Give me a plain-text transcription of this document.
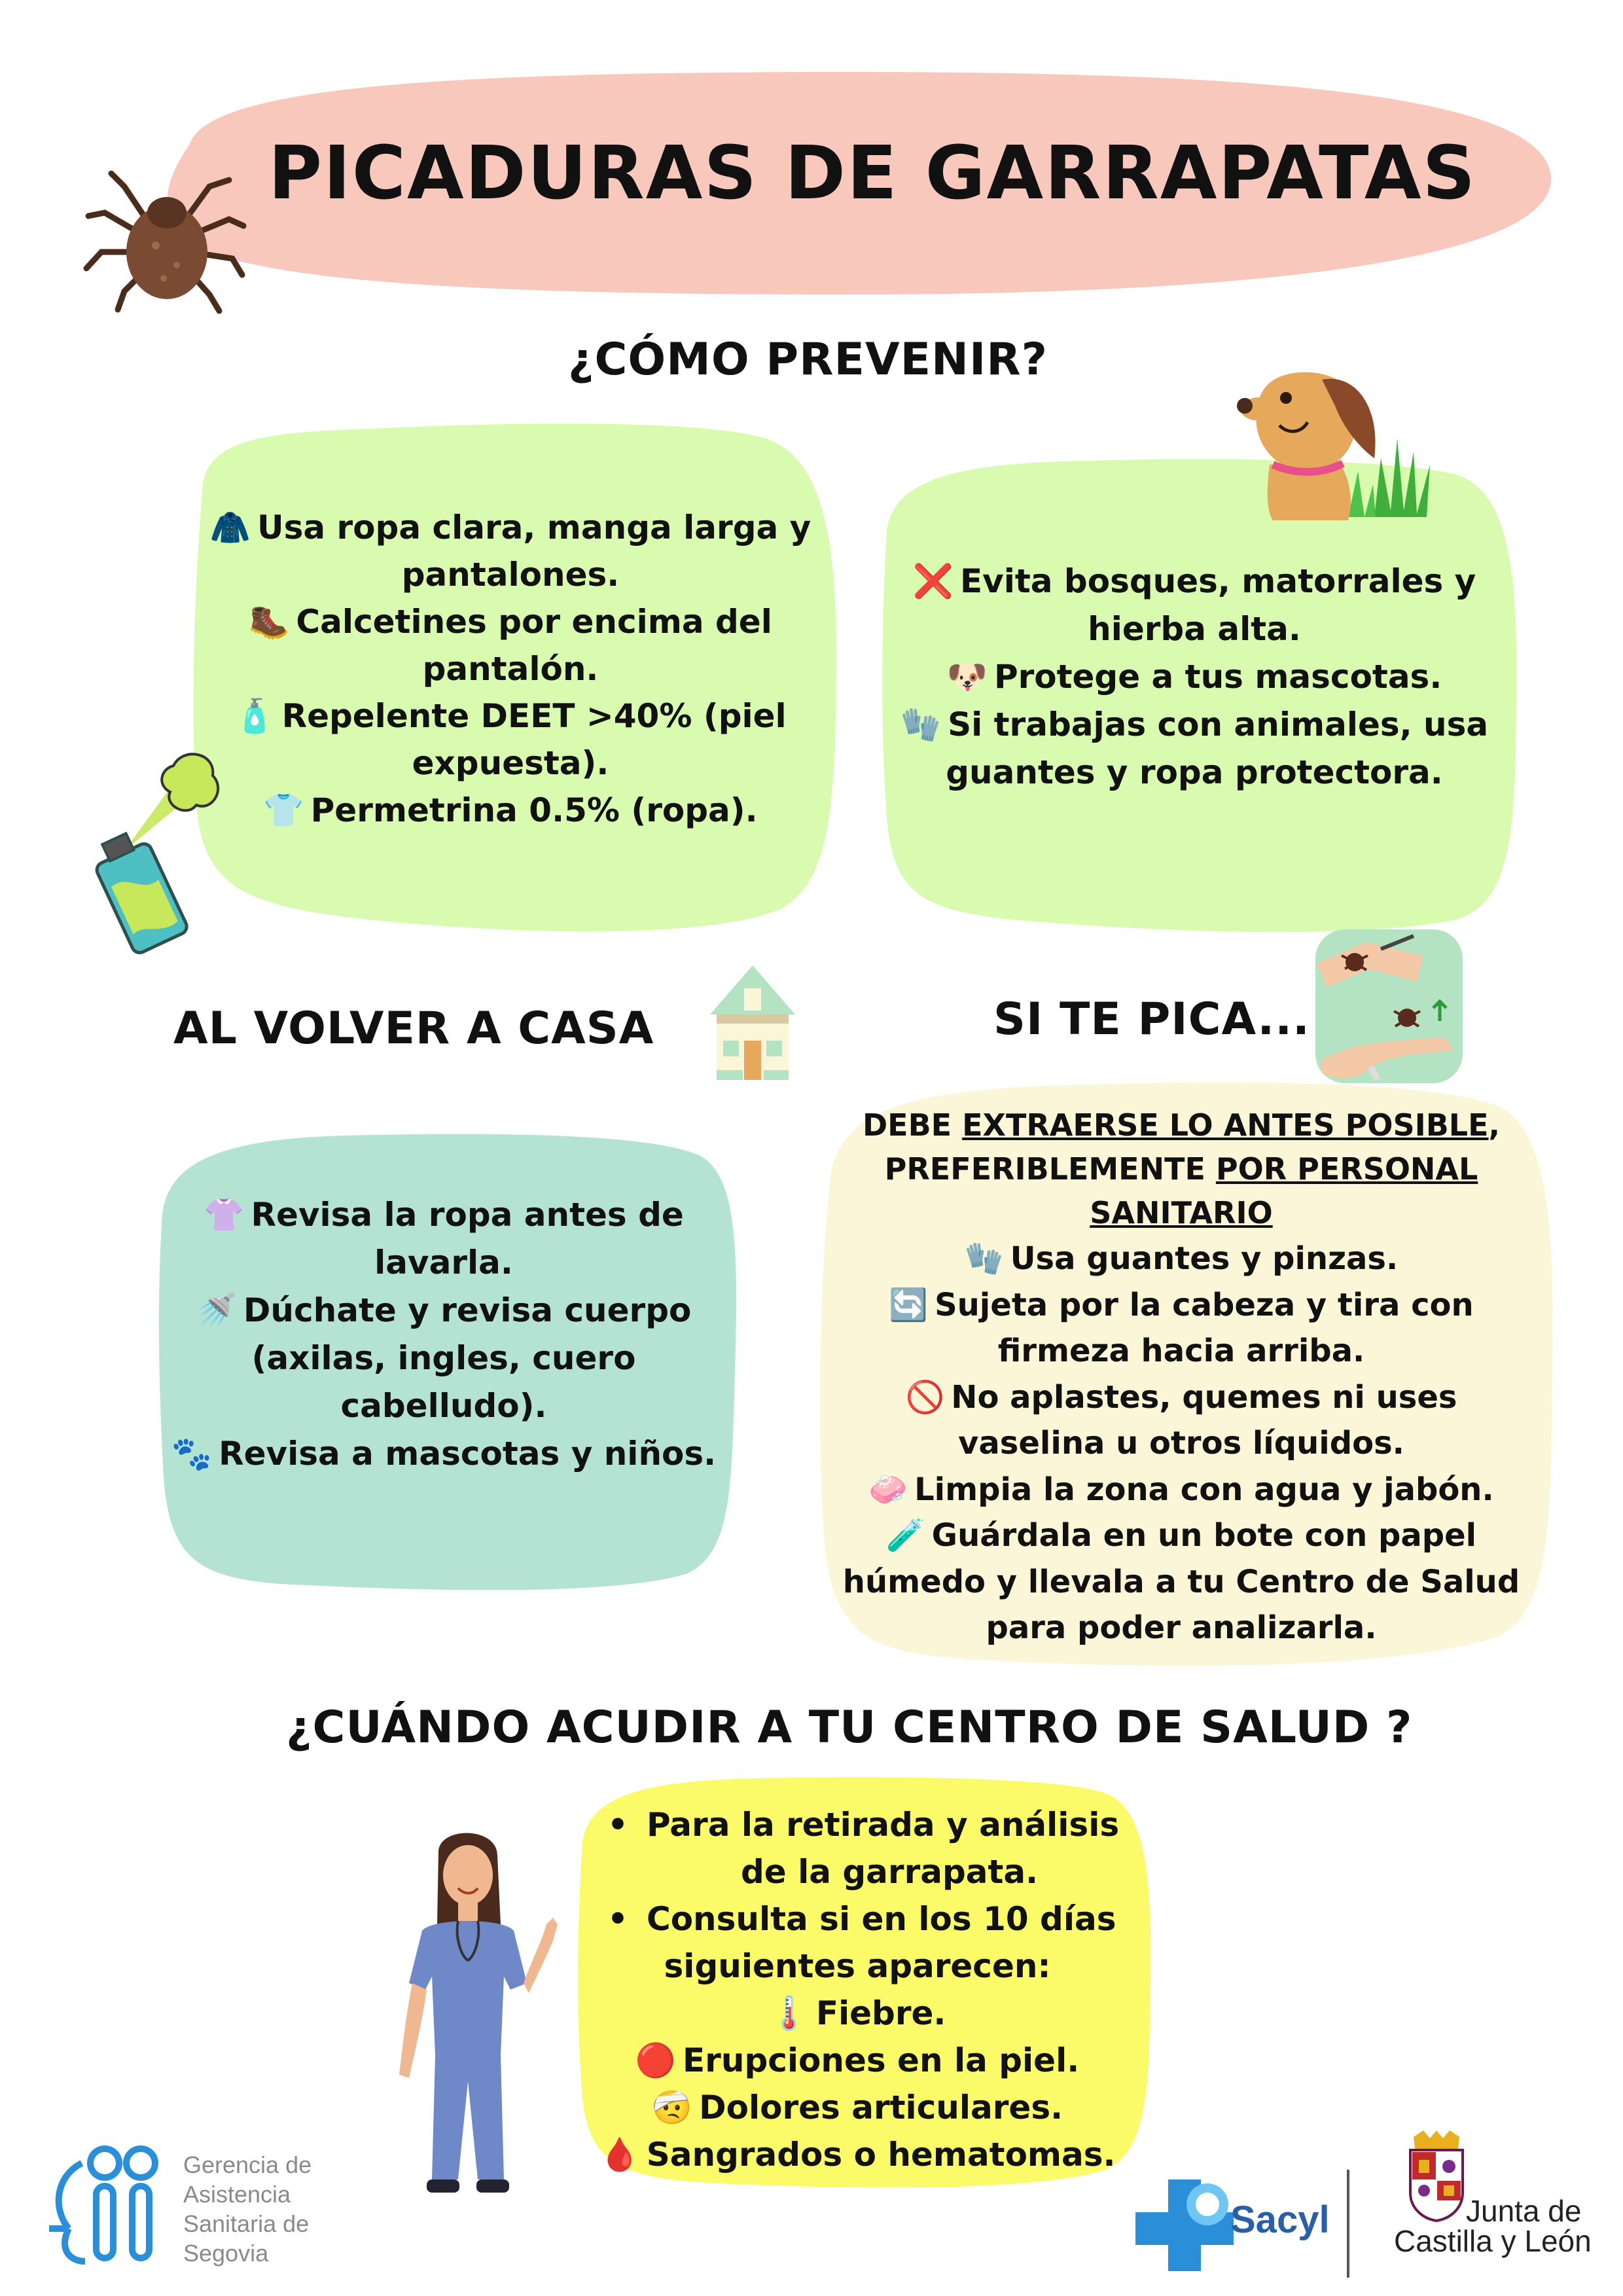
PICADURAS DE GARRAPATAS
¿CÓMO PREVENIR?
🧥 Usa ropa clara, manga larga y
pantalones.
🥾 Calcetines por encima del
pantalón.
🧴 Repelente DEET >40% (piel
expuesta).
👕 Permetrina 0.5% (ropa).
❌ Evita bosques, matorrales y
hierba alta.
🐶 Protege a tus mascotas.
🧤 Si trabajas con animales, usa
guantes y ropa protectora.
AL VOLVER A CASA
👚 Revisa la ropa antes de
lavarla.
🚿 Dúchate y revisa cuerpo
(axilas, ingles, cuero cabelludo).
🐾 Revisa a mascotas y niños.
SI TE PICA...
DEBE EXTRAERSE LO ANTES POSIBLE,
PREFERIBLEMENTE POR PERSONAL
SANITARIO
🧤 Usa guantes y pinzas.
🔄 Sujeta por la cabeza y tira con
firmeza hacia arriba.
🚫 No aplastes, quemes ni uses
vaselina u otros líquidos.
🧼 Limpia la zona con agua y jabón.
🧪 Guárdala en un bote con papel
húmedo y llevala a tu Centro de Salud
para poder analizarla.
¿CUÁNDO ACUDIR A TU CENTRO DE SALUD ?
• Para la retirada y análisis
de la garrapata.
• Consulta si en los 10 días
siguientes aparecen:
🌡️ Fiebre.
🔴 Erupciones en la piel.
🤕 Dolores articulares.
🩸 Sangrados o hematomas.
Gerencia de
Asistencia
Sanitaria de
Segovia
Sacyl	Junta de
Castilla y León
